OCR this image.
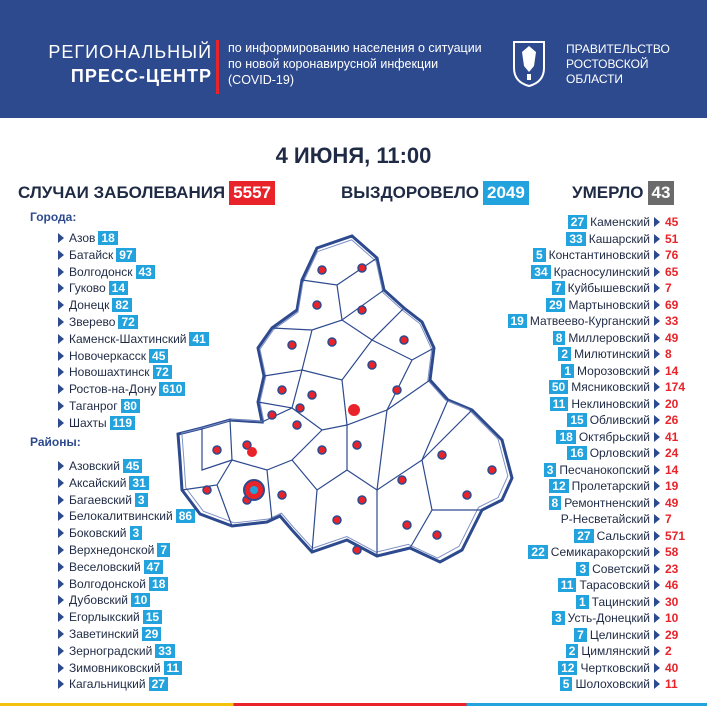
РЕГИОНАЛЬНЫЙ
ПРЕСС-ЦЕНТР
по информированию населения о ситуации по новой коронавирусной инфекции (COVID-19)
ПРАВИТЕЛЬСТВО РОСТОВСКОЙ ОБЛАСТИ
4 ИЮНЯ, 11:00
СЛУЧАИ ЗАБОЛЕВАНИЯ 5557	ВЫЗДОРОВЕЛО 2049	УМЕРЛО 43
Города:
Районы:
Азов 18
Батайск 97
Волгодонск 43
Гуково 14
Донецк 82
Зверево 72
Каменск-Шахтинский 41
Новочеркасск 45
Новошахтинск 72
Ростов-на-Дону 610
Таганрог 80
Шахты 119
Азовский 45
Аксайский 31
Багаевский 3
Белокалитвинский 86
Боковский 3
Верхнедонской 7
Веселовский 47
Волгодонской 18
Дубовский 10
Егорлыкский 15
Заветинский 29
Зерноградский 33
Зимовниковский 11
Кагальницкий 27
27 Каменский 45
33 Кашарский 51
5 Константиновский 76
34 Красносулинский 65
7 Куйбышевский 7
29 Мартыновский 69
19 Матвеево-Курганский 33
8 Миллеровский 49
2 Милютинский 8
1 Морозовский 14
50 Мясниковский 174
11 Неклиновский 20
15 Обливский 26
18 Октябрьский 41
16 Орловский 24
3 Песчанокопский 14
12 Пролетарский 19
8 Ремонтненский 49
Р-Несветайский 7
27 Сальский 571
22 Семикаракорский 58
3 Советский 23
11 Тарасовский 46
1 Тацинский 30
3 Усть-Донецкий 10
7 Целинский 29
2 Цимлянский 2
12 Чертковский 40
5 Шолоховский 11
